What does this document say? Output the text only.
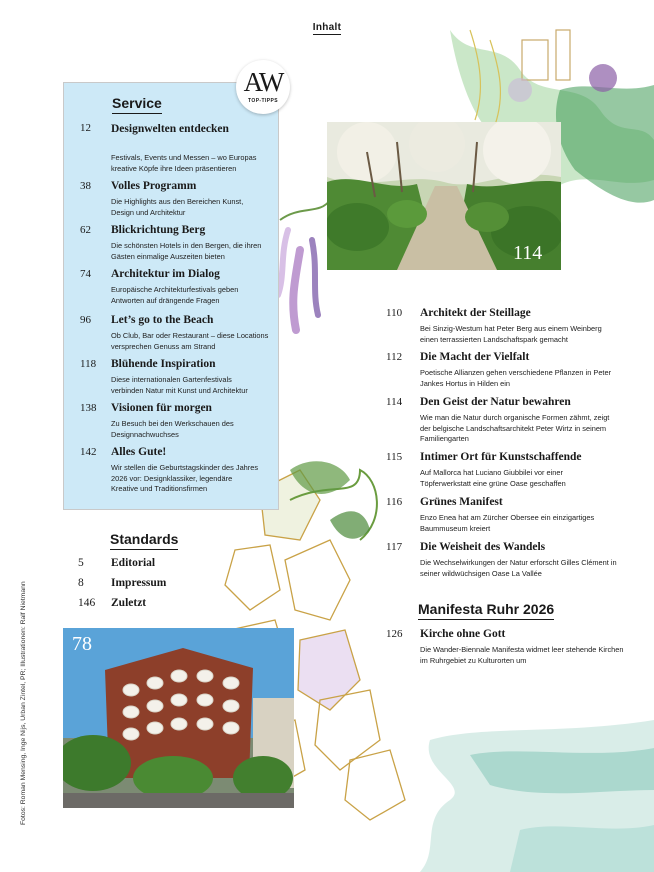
Inhalt
Service
AW
TOP-TIPPS
12 Designwelten entdecken
Festivals, Events und Messen – wo Europas kreative Köpfe ihre Ideen präsentieren
38 Volles Programm
Die Highlights aus den Bereichen Kunst, Design und Architektur
62 Blickrichtung Berg
Die schönsten Hotels in den Bergen, die ihren Gästen einmalige Auszeiten bieten
74 Architektur im Dialog
Europäische Architekturfestivals geben Antworten auf drängende Fragen
96 Let’s go to the Beach
Ob Club, Bar oder Restaurant – diese Locations versprechen Genuss am Strand
118 Blühende Inspiration
Diese internationalen Gartenfestivals verbinden Natur mit Kunst und Architektur
138 Visionen für morgen
Zu Besuch bei den Werkschauen des Designnachwuchses
142 Alles Gute!
Wir stellen die Geburtstagskinder des Jahres 2026 vor: Designklassiker, legendäre Kreative und Traditionsfirmen
114
110 Architekt der Steillage
Bei Sinzig-Westum hat Peter Berg aus einem Weinberg einen terrassierten Landschaftspark gemacht
112 Die Macht der Vielfalt
Poetische Allianzen gehen verschiedene Pflanzen in Peter Jankes Hortus in Hilden ein
114 Den Geist der Natur bewahren
Wie man die Natur durch organische Formen zähmt, zeigt der belgische Landschaftsarchitekt Peter Wirtz in seinem Familiengarten
115 Intimer Ort für Kunstschaffende
Auf Mallorca hat Luciano Giubbilei vor einer Töpferwerkstatt eine grüne Oase geschaffen
116 Grünes Manifest
Enzo Enea hat am Zürcher Obersee ein einzigartiges Baummuseum kreiert
117 Die Weisheit des Wandels
Die Wechselwirkungen der Natur erforscht Gilles Clément in seiner wildwüchsigen Oase La Vallée
Standards
5 Editorial
8 Impressum
146 Zuletzt
78
Manifesta Ruhr 2026
126 Kirche ohne Gott
Die Wander-Biennale Manifesta widmet leer stehende Kirchen im Ruhrgebiet zu Kulturorten um
Fotos: Roman Mensing, Inge Nijs, Urban Zintel, PR; Illustrationen: Ralf Nietmann
